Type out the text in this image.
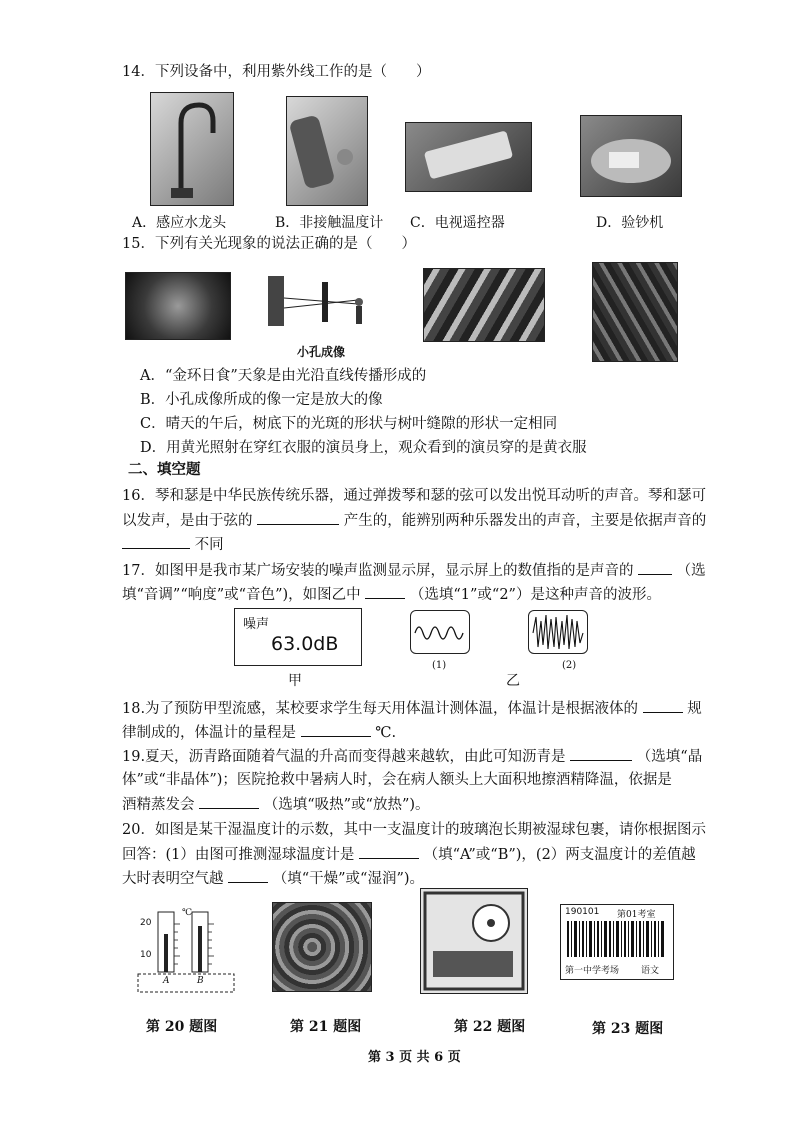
14．下列设备中，利用紫外线工作的是（　　）
A．感应水龙头	B．非接触温度计 C．电视遥控器	D．验钞机
15．下列有关光现象的说法正确的是（　　）
小孔成像
A．“金环日食”天象是由光沿直线传播形成的
B．小孔成像所成的像一定是放大的像
C．晴天的午后，树底下的光斑的形状与树叶缝隙的形状一定相同
D．用黄光照射在穿红衣服的演员身上，观众看到的演员穿的是黄衣服
二、填空题
16．琴和瑟是中华民族传统乐器，通过弹拨琴和瑟的弦可以发出悦耳动听的声音。琴和瑟可
以发声，是由于弦的	产生的，能辨别两种乐器发出的声音，主要是依据声音的
不同
17．如图甲是我市某广场安装的噪声监测显示屏，显示屏上的数值指的是声音的	（选
填“音调”“响度”或“音色”)，如图乙中	（选填“1”或“2”）是这种声音的波形。
噪声
63.0dB
甲
(1)	(2)
乙
18.为了预防甲型流感，某校要求学生每天用体温计测体温，体温计是根据液体的	规
律制成的，体温计的量程是	℃.
19.夏天，沥青路面随着气温的升高而变得越来越软，由此可知沥青是	（选填“晶
体”或“非晶体”)；医院抢救中暑病人时，会在病人额头上大面积地擦酒精降温，依据是
酒精蒸发会	（选填“吸热”或“放热”)。
20．如图是某干湿温度计的示数，其中一支温度计的玻璃泡长期被湿球包裹，请你根据图示
回答：(1）由图可推测湿球温度计是	（填“A”或“B”)，(2）两支温度计的差值越
大时表明空气越	（填“干燥”或“湿润”)。
℃
20
10
A	B
190101 第01考室
第一中学考场 语文
第 20 题图	第 21 题图	第 22 题图	第 23 题图
第 3 页 共 6 页
